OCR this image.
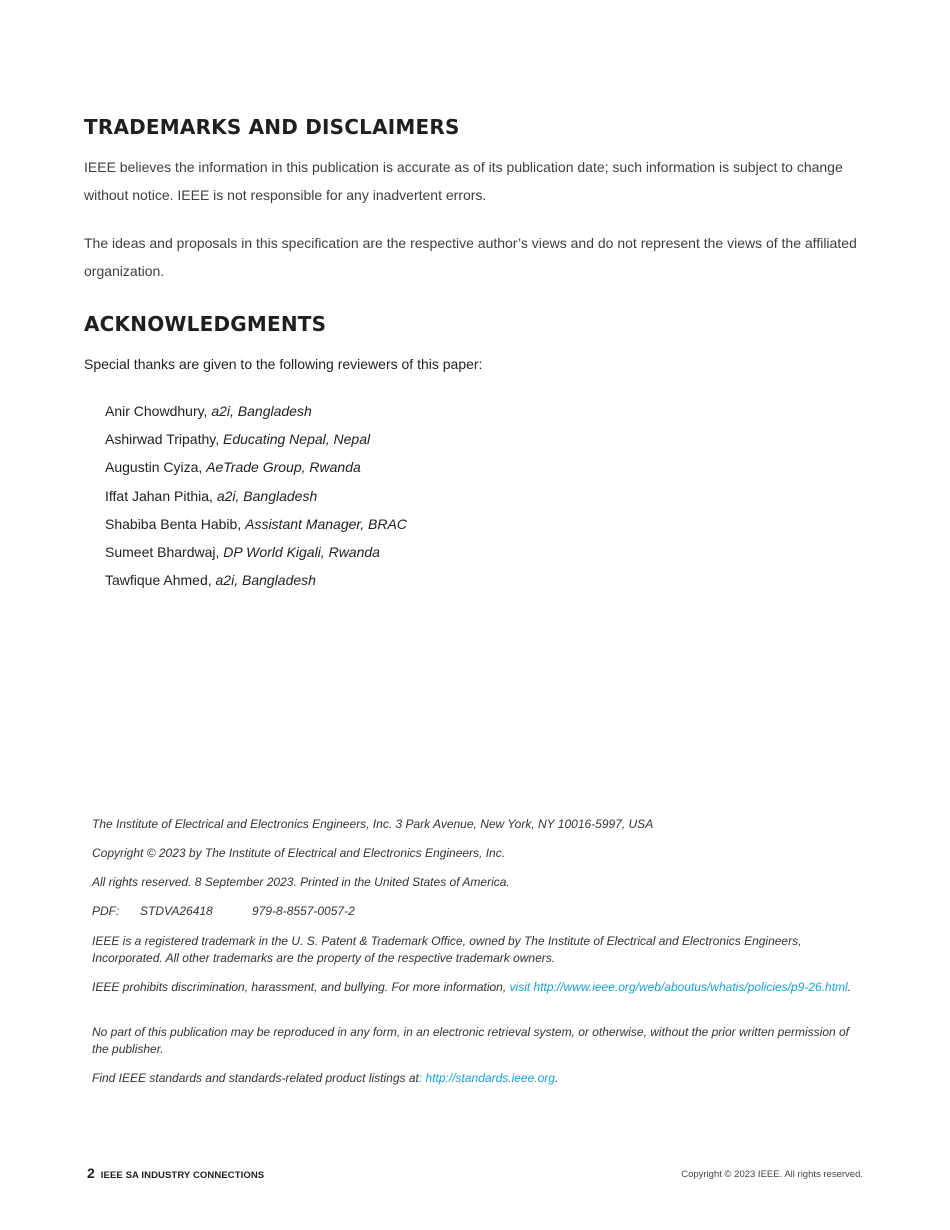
TRADEMARKS AND DISCLAIMERS

IEEE believes the information in this publication is accurate as of its publication date; such information is subject to change without notice. IEEE is not responsible for any inadvertent errors.

The ideas and proposals in this specification are the respective author’s views and do not represent the views of the affiliated organization.

ACKNOWLEDGMENTS

Special thanks are given to the following reviewers of this paper:

Anir Chowdhury, a2i, Bangladesh
Ashirwad Tripathy, Educating Nepal, Nepal
Augustin Cyiza, AeTrade Group, Rwanda
Iffat Jahan Pithia, a2i, Bangladesh
Shabiba Benta Habib, Assistant Manager, BRAC
Sumeet Bhardwaj, DP World Kigali, Rwanda
Tawfique Ahmed, a2i, Bangladesh

The Institute of Electrical and Electronics Engineers, Inc. 3 Park Avenue, New York, NY 10016-5997, USA

Copyright © 2023 by The Institute of Electrical and Electronics Engineers, Inc.

All rights reserved. 8 September 2023. Printed in the United States of America.

PDF: STDVA26418	979-8-8557-0057-2

IEEE is a registered trademark in the U. S. Patent & Trademark Office, owned by The Institute of Electrical and Electronics Engineers, Incorporated. All other trademarks are the property of the respective trademark owners.

IEEE prohibits discrimination, harassment, and bullying. For more information, visit http://www.ieee.org/web/aboutus/whatis/policies/p9-26.html.

No part of this publication may be reproduced in any form, in an electronic retrieval system, or otherwise, without the prior written permission of the publisher.

Find IEEE standards and standards-related product listings at: http://standards.ieee.org.

2 IEEE SA INDUSTRY CONNECTIONS	Copyright © 2023 IEEE. All rights reserved.
